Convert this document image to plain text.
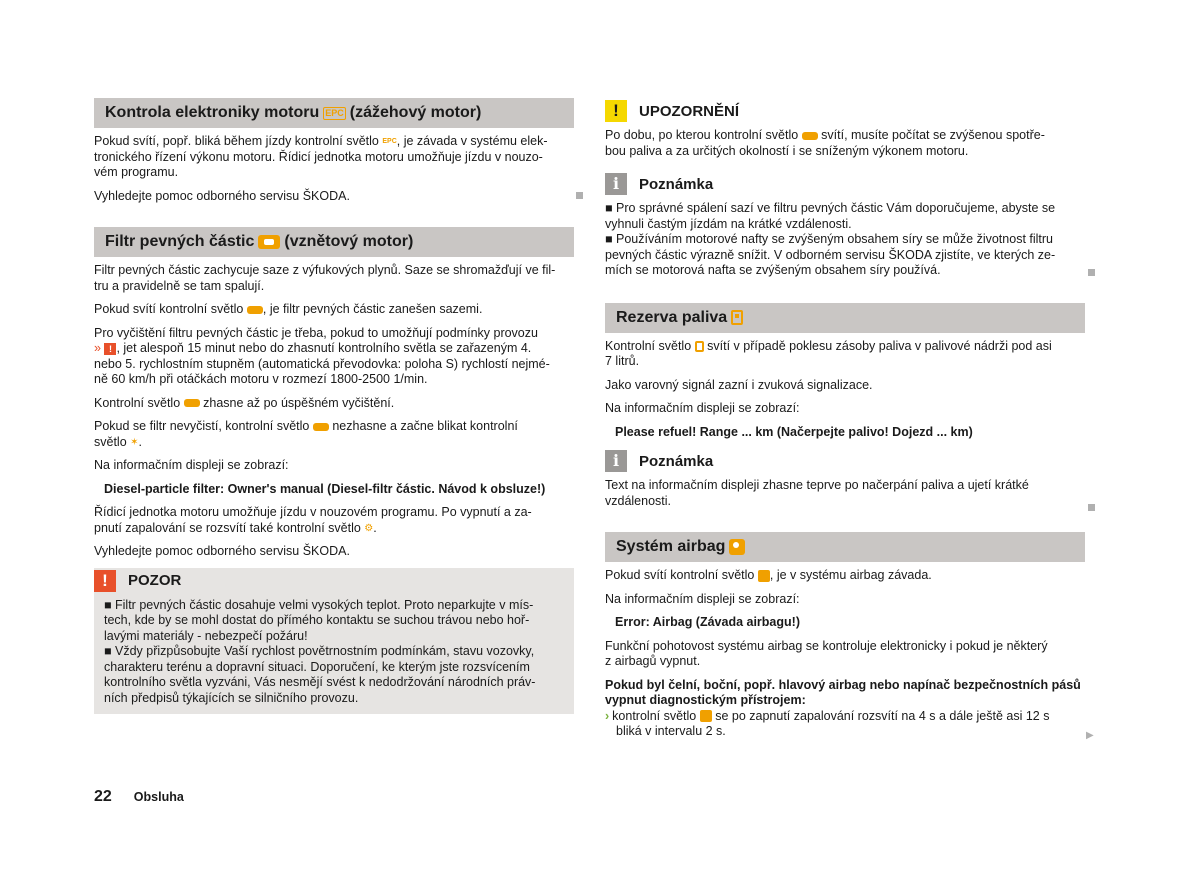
Kontrola elektroniky motoru EPC (zážehový motor)

Pokud svítí, popř. bliká během jízdy kontrolní světlo EPC, je závada v systému elek-
tronického řízení výkonu motoru. Řídicí jednotka motoru umožňuje jízdu v nouzo-
vém programu.

Vyhledejte pomoc odborného servisu ŠKODA.

Filtr pevných částic (vznětový motor)

Filtr pevných částic zachycuje saze z výfukových plynů. Saze se shromažďují ve fil-
tru a pravidelně se tam spalují.

Pokud svítí kontrolní světlo , je filtr pevných částic zanešen sazemi.

Pro vyčištění filtru pevných částic je třeba, pokud to umožňují podmínky provozu
» ! , jet alespoň 15 minut nebo do zhasnutí kontrolního světla se zařazeným 4.
nebo 5. rychlostním stupněm (automatická převodovka: poloha S) rychlostí nejmé-
ně 60 km/h při otáčkách motoru v rozmezí 1800-2500 1/min.

Kontrolní světlo zhasne až po úspěšném vyčištění.

Pokud se filtr nevyčistí, kontrolní světlo nezhasne a začne blikat kontrolní
světlo ✶.

Na informačním displeji se zobrazí:

Diesel-particle filter: Owner's manual (Diesel-filtr částic. Návod k obsluze!)

Řídicí jednotka motoru umožňuje jízdu v nouzovém programu. Po vypnutí a za-
pnutí zapalování se rozsvítí také kontrolní světlo ⚙.

Vyhledejte pomoc odborného servisu ŠKODA.

!	POZOR

■ Filtr pevných částic dosahuje velmi vysokých teplot. Proto neparkujte v mís-
tech, kde by se mohl dostat do přímého kontaktu se suchou trávou nebo hoř-
lavými materiály - nebezpečí požáru!
■ Vždy přizpůsobujte Vaší rychlost povětrnostním podmínkám, stavu vozovky,
charakteru terénu a dopravní situaci. Doporučení, ke kterým jste rozsvícením
kontrolního světla vyzváni, Vás nesmějí svést k nedodržování národních práv-
ních předpisů týkajících se silničního provozu.

!	UPOZORNĚNÍ

Po dobu, po kterou kontrolní světlo svítí, musíte počítat se zvýšenou spotře-
bou paliva a za určitých okolností i se sníženým výkonem motoru.

i	Poznámka

■ Pro správné spálení sazí ve filtru pevných částic Vám doporučujeme, abyste se
vyhnuli častým jízdám na krátké vzdálenosti.
■ Používáním motorové nafty se zvýšeným obsahem síry se může životnost filtru
pevných částic výrazně snížit. V odborném servisu ŠKODA zjistíte, ve kterých ze-
mích se motorová nafta se zvýšeným obsahem síry používá.

Rezerva paliva

Kontrolní světlo svítí v případě poklesu zásoby paliva v palivové nádrži pod asi
7 litrů.

Jako varovný signál zazní i zvuková signalizace.

Na informačním displeji se zobrazí:

Please refuel! Range ... km (Načerpejte palivo! Dojezd ... km)

i	Poznámka

Text na informačním displeji zhasne teprve po načerpání paliva a ujetí krátké
vzdálenosti.

Systém airbag

Pokud svítí kontrolní světlo , je v systému airbag závada.

Na informačním displeji se zobrazí:

Error: Airbag (Závada airbagu!)

Funkční pohotovost systému airbag se kontroluje elektronicky i pokud je některý
z airbagů vypnut.

Pokud byl čelní, boční, popř. hlavový airbag nebo napínač bezpečnostních pásů
vypnut diagnostickým přístrojem:

› kontrolní světlo se po zapnutí zapalování rozsvítí na 4 s a dále ještě asi 12 s
bliká v intervalu 2 s.	▶
22 Obsluha
